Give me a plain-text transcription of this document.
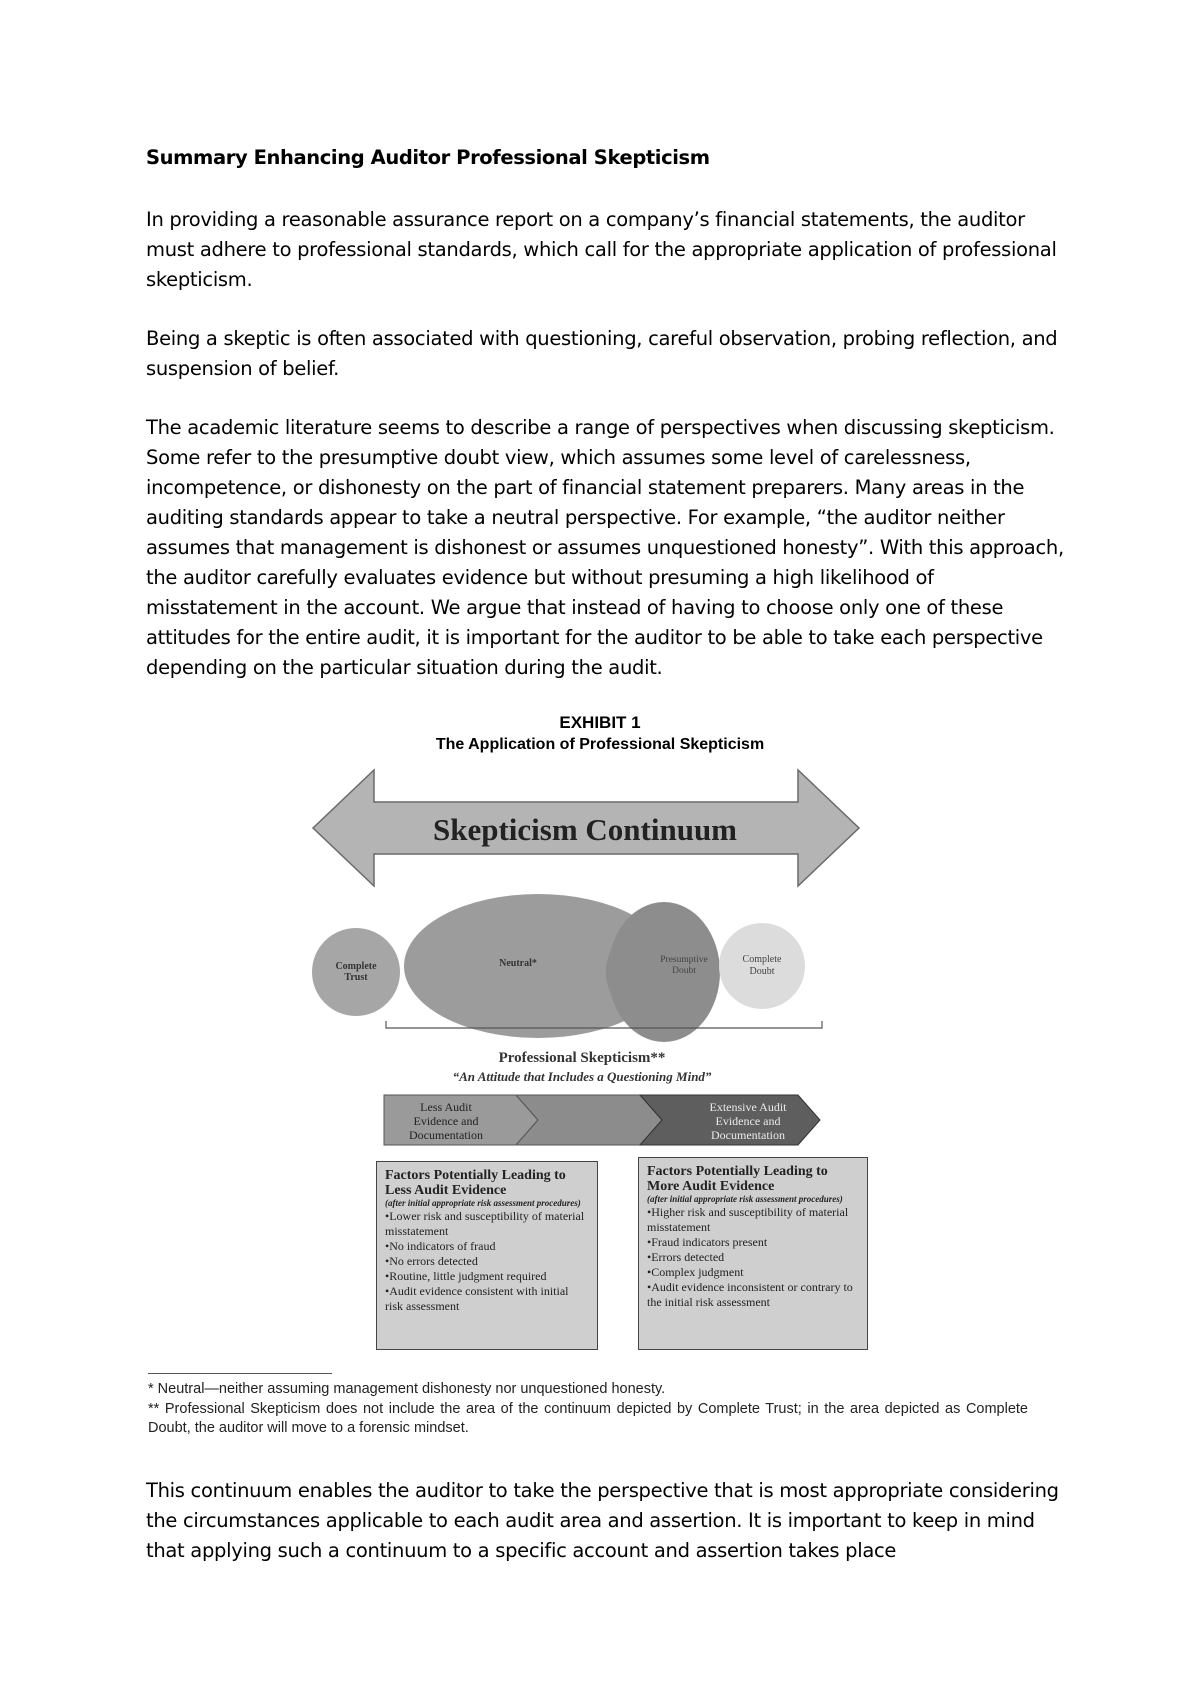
Summary Enhancing Auditor Professional Skepticism

In providing a reasonable assurance report on a company’s financial statements, the auditor must adhere to professional standards, which call for the appropriate application of professional skepticism.

Being a skeptic is often associated with questioning, careful observation, probing reflection, and suspension of belief.

The academic literature seems to describe a range of perspectives when discussing skepticism. Some refer to the presumptive doubt view, which assumes some level of carelessness, incompetence, or dishonesty on the part of financial statement preparers. Many areas in the auditing standards appear to take a neutral perspective. For example, “the auditor neither assumes that management is dishonest or assumes unquestioned honesty”. With this approach, the auditor carefully evaluates evidence but without presuming a high likelihood of misstatement in the account. We argue that instead of having to choose only one of these attitudes for the entire audit, it is important for the auditor to be able to take each perspective depending on the particular situation during the audit.

EXHIBIT 1
The Application of Professional Skepticism
Skepticism Continuum
Complete
Trust
Neutral*	Presumptive
Doubt
Complete
Doubt
Professional Skepticism**
“An Attitude that Includes a Questioning Mind”
Less Audit
Evidence and
Documentation
Extensive Audit
Evidence and
Documentation
Factors Potentially Leading to Less Audit Evidence
(after initial appropriate risk assessment procedures)
•Lower risk and susceptibility of material misstatement
•No indicators of fraud
•No errors detected
•Routine, little judgment required
•Audit evidence consistent with initial risk assessment
Factors Potentially Leading to More Audit Evidence
(after initial appropriate risk assessment procedures)
•Higher risk and susceptibility of material misstatement
•Fraud indicators present
•Errors detected
•Complex judgment
•Audit evidence inconsistent or contrary to the initial risk assessment
* Neutral—neither assuming management dishonesty nor unquestioned honesty.
** Professional Skepticism does not include the area of the continuum depicted by Complete Trust; in the area depicted as Complete Doubt, the auditor will move to a forensic mindset.

This continuum enables the auditor to take the perspective that is most appropriate considering the circumstances applicable to each audit area and assertion. It is important to keep in mind that applying such a continuum to a specific account and assertion takes place
